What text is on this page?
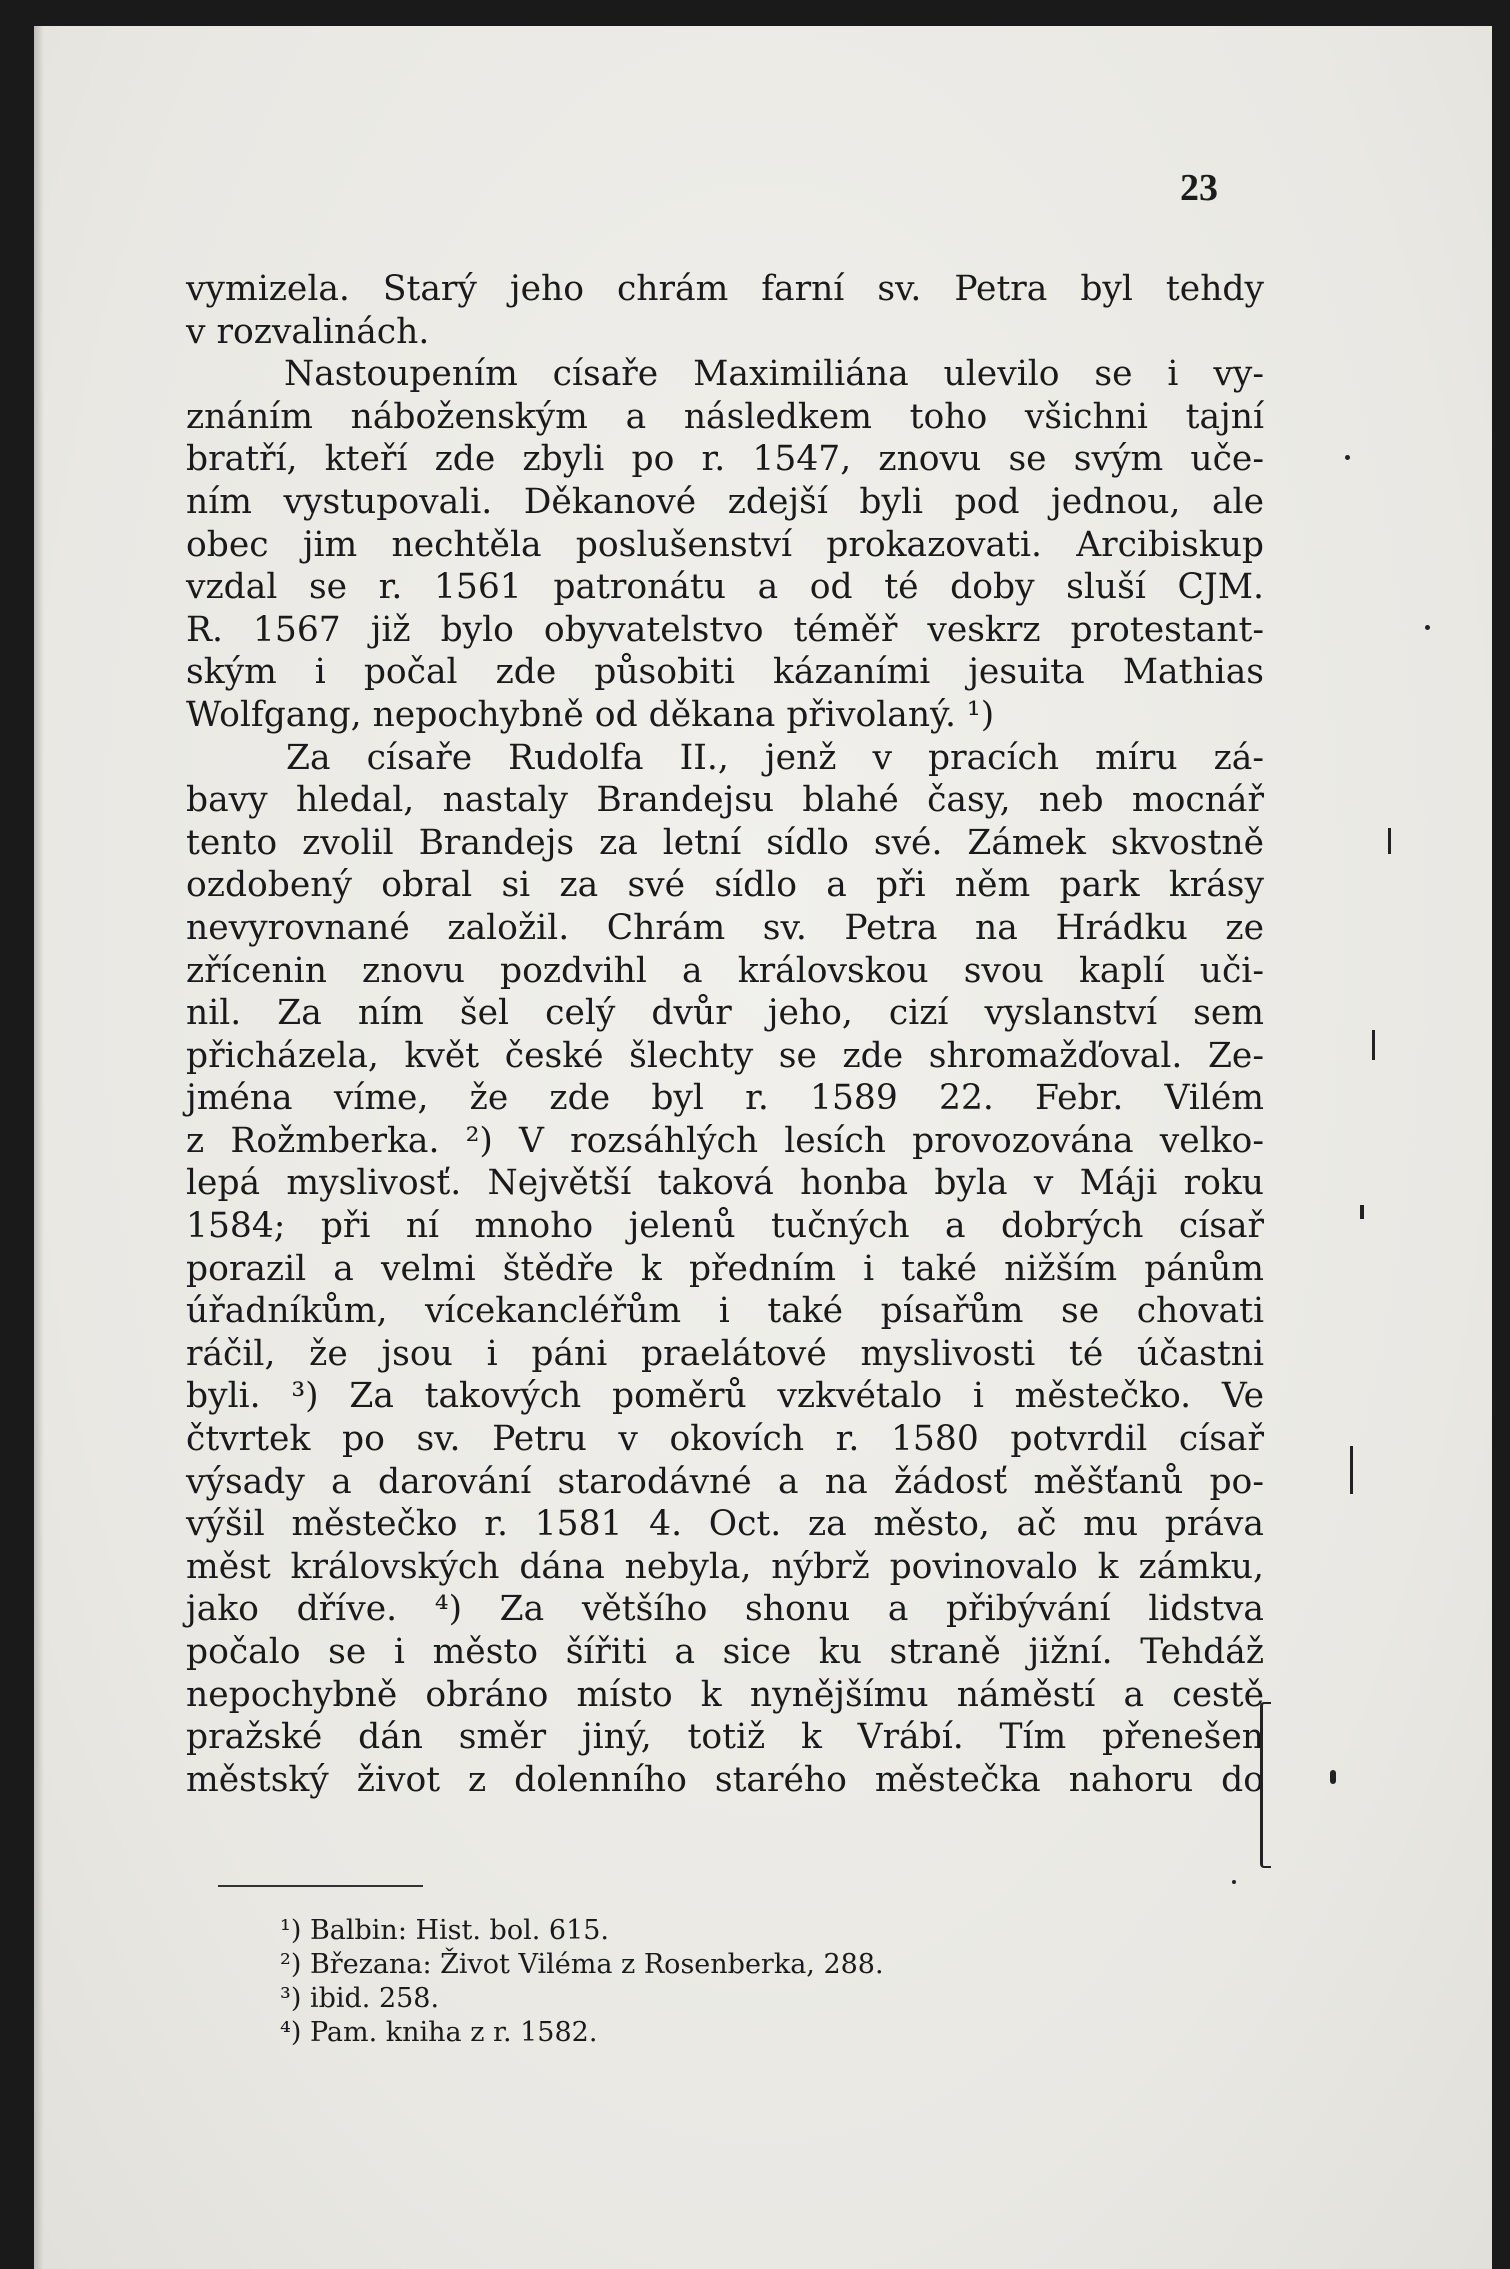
23
vymizela. Starý jeho chrám farní sv. Petra byl tehdy
v rozvalinách.
Nastoupením císaře Maximiliána ulevilo se i vy-
znáním náboženským a následkem toho všichni tajní
bratří, kteří zde zbyli po r. 1547, znovu se svým uče-
ním vystupovali. Děkanové zdejší byli pod jednou, ale
obec jim nechtěla poslušenství prokazovati. Arcibiskup
vzdal se r. 1561 patronátu a od té doby sluší CJM.
R. 1567 již bylo obyvatelstvo téměř veskrz protestant-
ským i počal zde působiti kázaními jesuita Mathias
Wolfgang, nepochybně od děkana přivolaný. ¹)
Za císaře Rudolfa II., jenž v pracích míru zá-
bavy hledal, nastaly Brandejsu blahé časy, neb mocnář
tento zvolil Brandejs za letní sídlo své. Zámek skvostně
ozdobený obral si za své sídlo a při něm park krásy
nevyrovnané založil. Chrám sv. Petra na Hrádku ze
zřícenin znovu pozdvihl a královskou svou kaplí uči-
nil. Za ním šel celý dvůr jeho, cizí vyslanství sem
přicházela, květ české šlechty se zde shromažďoval. Ze-
jména víme, že zde byl r. 1589 22. Febr. Vilém
z Rožmberka. ²) V rozsáhlých lesích provozována velko-
lepá myslivosť. Největší taková honba byla v Máji roku
1584; při ní mnoho jelenů tučných a dobrých císař
porazil a velmi štědře k předním i také nižším pánům
úřadníkům, vícekancléřům i také písařům se chovati
ráčil, že jsou i páni praelátové myslivosti té účastni
byli. ³) Za takových poměrů vzkvétalo i městečko. Ve
čtvrtek po sv. Petru v okovích r. 1580 potvrdil císař
výsady a darování starodávné a na žádosť měšťanů po-
výšil městečko r. 1581 4. Oct. za město, ač mu práva
měst královských dána nebyla, nýbrž povinovalo k zámku,
jako dříve. ⁴) Za většího shonu a přibývání lidstva
počalo se i město šířiti a sice ku straně jižní. Tehdáž
nepochybně obráno místo k nynějšímu náměstí a cestě
pražské dán směr jiný, totiž k Vrábí. Tím přenešen
městský život z dolenního starého městečka nahoru do
¹) Balbin: Hist. bol. 615.
²) Březana: Život Viléma z Rosenberka, 288.
³) ibid. 258.
⁴) Pam. kniha z r. 1582.
